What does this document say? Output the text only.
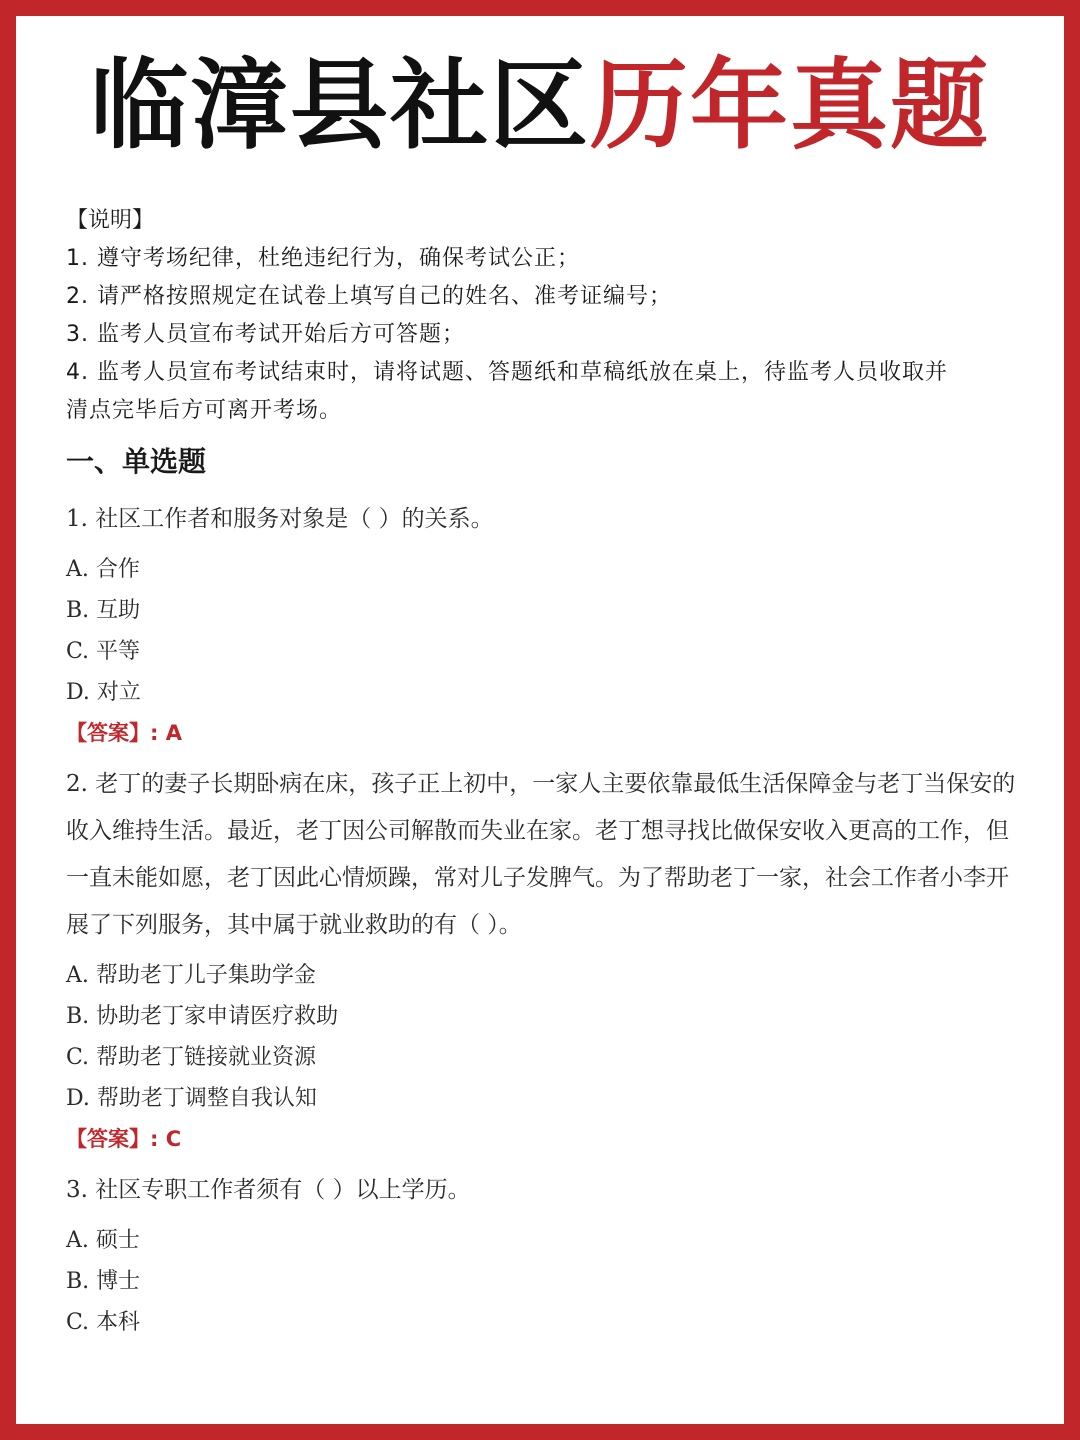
临漳县社区历年真题
【说明】
1. 遵守考场纪律，杜绝违纪行为，确保考试公正；
2. 请严格按照规定在试卷上填写自己的姓名、准考证编号；
3. 监考人员宣布考试开始后方可答题；
4. 监考人员宣布考试结束时，请将试题、答题纸和草稿纸放在桌上，待监考人员收取并
清点完毕后方可离开考场。
一、单选题
1. 社区工作者和服务对象是（ ）的关系。
A. 合作
B. 互助
C. 平等
D. 对立
【答案】: A
2. 老丁的妻子长期卧病在床，孩子正上初中，一家人主要依靠最低生活保障金与老丁当保安的收入维持生活。最近，老丁因公司解散而失业在家。老丁想寻找比做保安收入更高的工作，但一直未能如愿，老丁因此心情烦躁，常对儿子发脾气。为了帮助老丁一家，社会工作者小李开展了下列服务，其中属于就业救助的有（ ）。
A. 帮助老丁儿子集助学金
B. 协助老丁家申请医疗救助
C. 帮助老丁链接就业资源
D. 帮助老丁调整自我认知
【答案】: C
3. 社区专职工作者须有（ ）以上学历。
A. 硕士
B. 博士
C. 本科
